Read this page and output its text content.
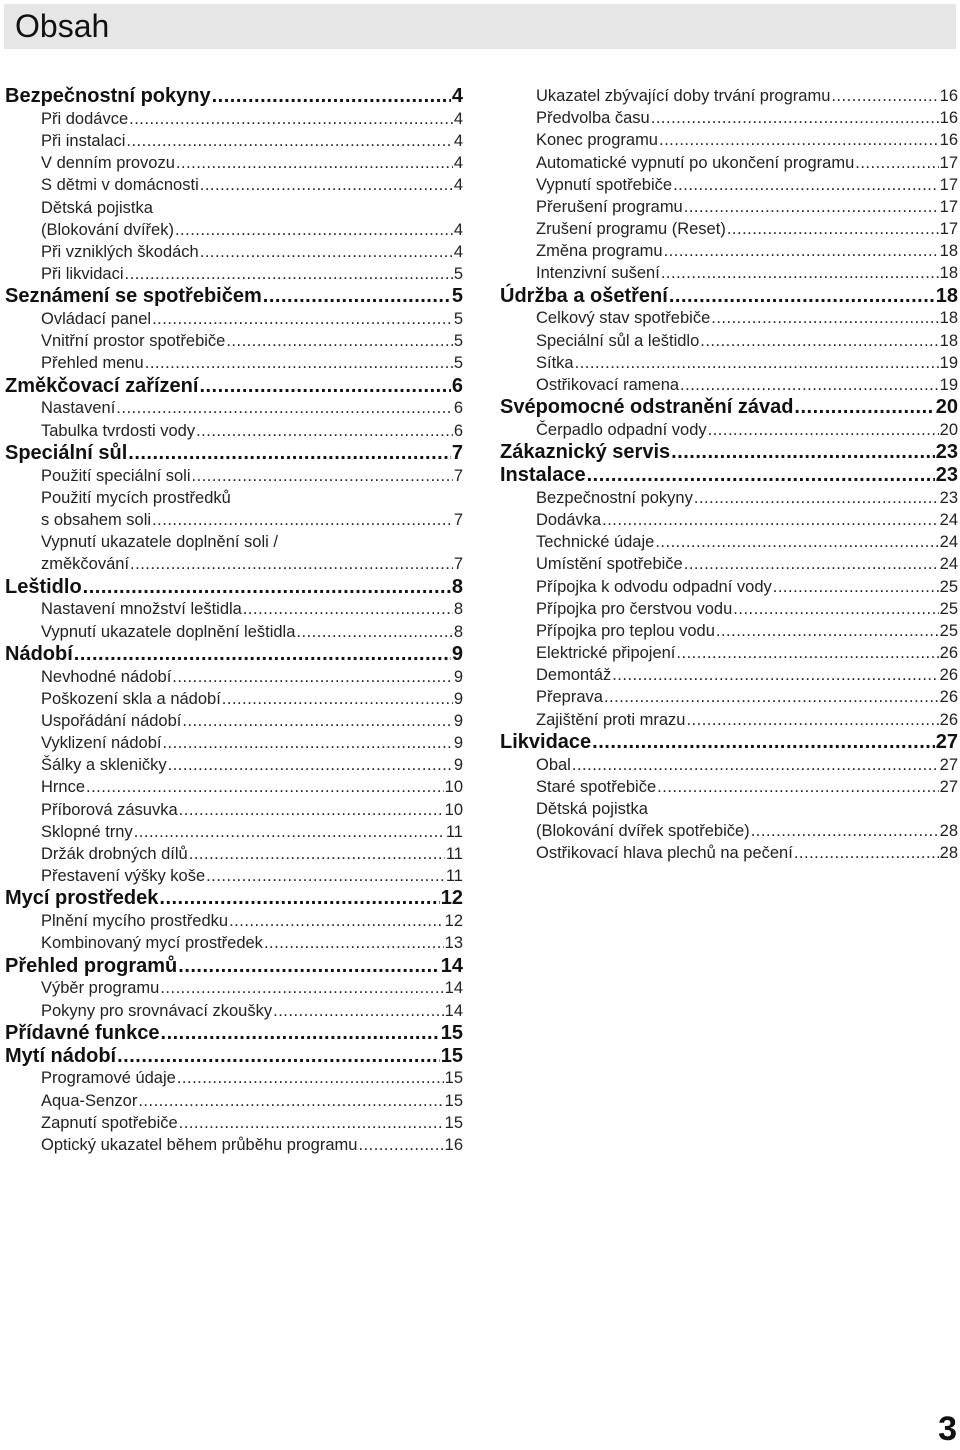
Obsah
Bezpečnostní pokyny .....	4
Při dodávce .....	4
Při instalaci .....	4
V denním provozu .....	4
S dětmi v domácnosti .....	4
Dětská pojistka
(Blokování dvířek) .....	4
Při vzniklých škodách .....	4
Při likvidaci .....	5
Seznámení se spotřebičem .....	5
Ovládací panel .....	5
Vnitřní prostor spotřebiče .....	5
Přehled menu .....	5
Změkčovací zařízení .....	6
Nastavení .....	6
Tabulka tvrdosti vody .....	6
Speciální sůl .....	7
Použití speciální soli .....	7
Použití mycích prostředků
s obsahem soli .....	7
Vypnutí ukazatele doplnění soli /
změkčování .....	7
Leštidlo .....	8
Nastavení množství leštidla .....	8
Vypnutí ukazatele doplnění leštidla .....	8
Nádobí .....	9
Nevhodné nádobí .....	9
Poškození skla a nádobí .....	9
Uspořádání nádobí .....	9
Vyklizení nádobí .....	9
Šálky a skleničky .....	9
Hrnce .....	10
Příborová zásuvka .....	10
Sklopné trny .....	11
Držák drobných dílů .....	11
Přestavení výšky koše .....	11
Mycí prostředek .....	12
Plnění mycího prostředku .....	12
Kombinovaný mycí prostředek .....	13
Přehled programů .....	14
Výběr programu .....	14
Pokyny pro srovnávací zkoušky .....	14
Přídavné funkce .....	15
Mytí nádobí .....	15
Programové údaje .....	15
Aqua-Senzor .....	15
Zapnutí spotřebiče .....	15
Optický ukazatel během průběhu programu .....	16
Ukazatel zbývající doby trvání programu .....	16
Předvolba času .....	16
Konec programu .....	16
Automatické vypnutí po ukončení programu .....	17
Vypnutí spotřebiče .....	17
Přerušení programu .....	17
Zrušení programu (Reset) .....	17
Změna programu .....	18
Intenzivní sušení .....	18
Údržba a ošetření .....	18
Celkový stav spotřebiče .....	18
Speciální sůl a leštidlo .....	18
Sítka .....	19
Ostřikovací ramena .....	19
Svépomocné odstranění závad .....	20
Čerpadlo odpadní vody .....	20
Zákaznický servis .....	23
Instalace .....	23
Bezpečnostní pokyny .....	23
Dodávka .....	24
Technické údaje .....	24
Umístění spotřebiče .....	24
Přípojka k odvodu odpadní vody .....	25
Přípojka pro čerstvou vodu .....	25
Přípojka pro teplou vodu .....	25
Elektrické připojení .....	26
Demontáž .....	26
Přeprava .....	26
Zajištění proti mrazu .....	26
Likvidace .....	27
Obal .....	27
Staré spotřebiče .....	27
Dětská pojistka
(Blokování dvířek spotřebiče) .....	28
Ostřikovací hlava plechů na pečení .....	28
3
